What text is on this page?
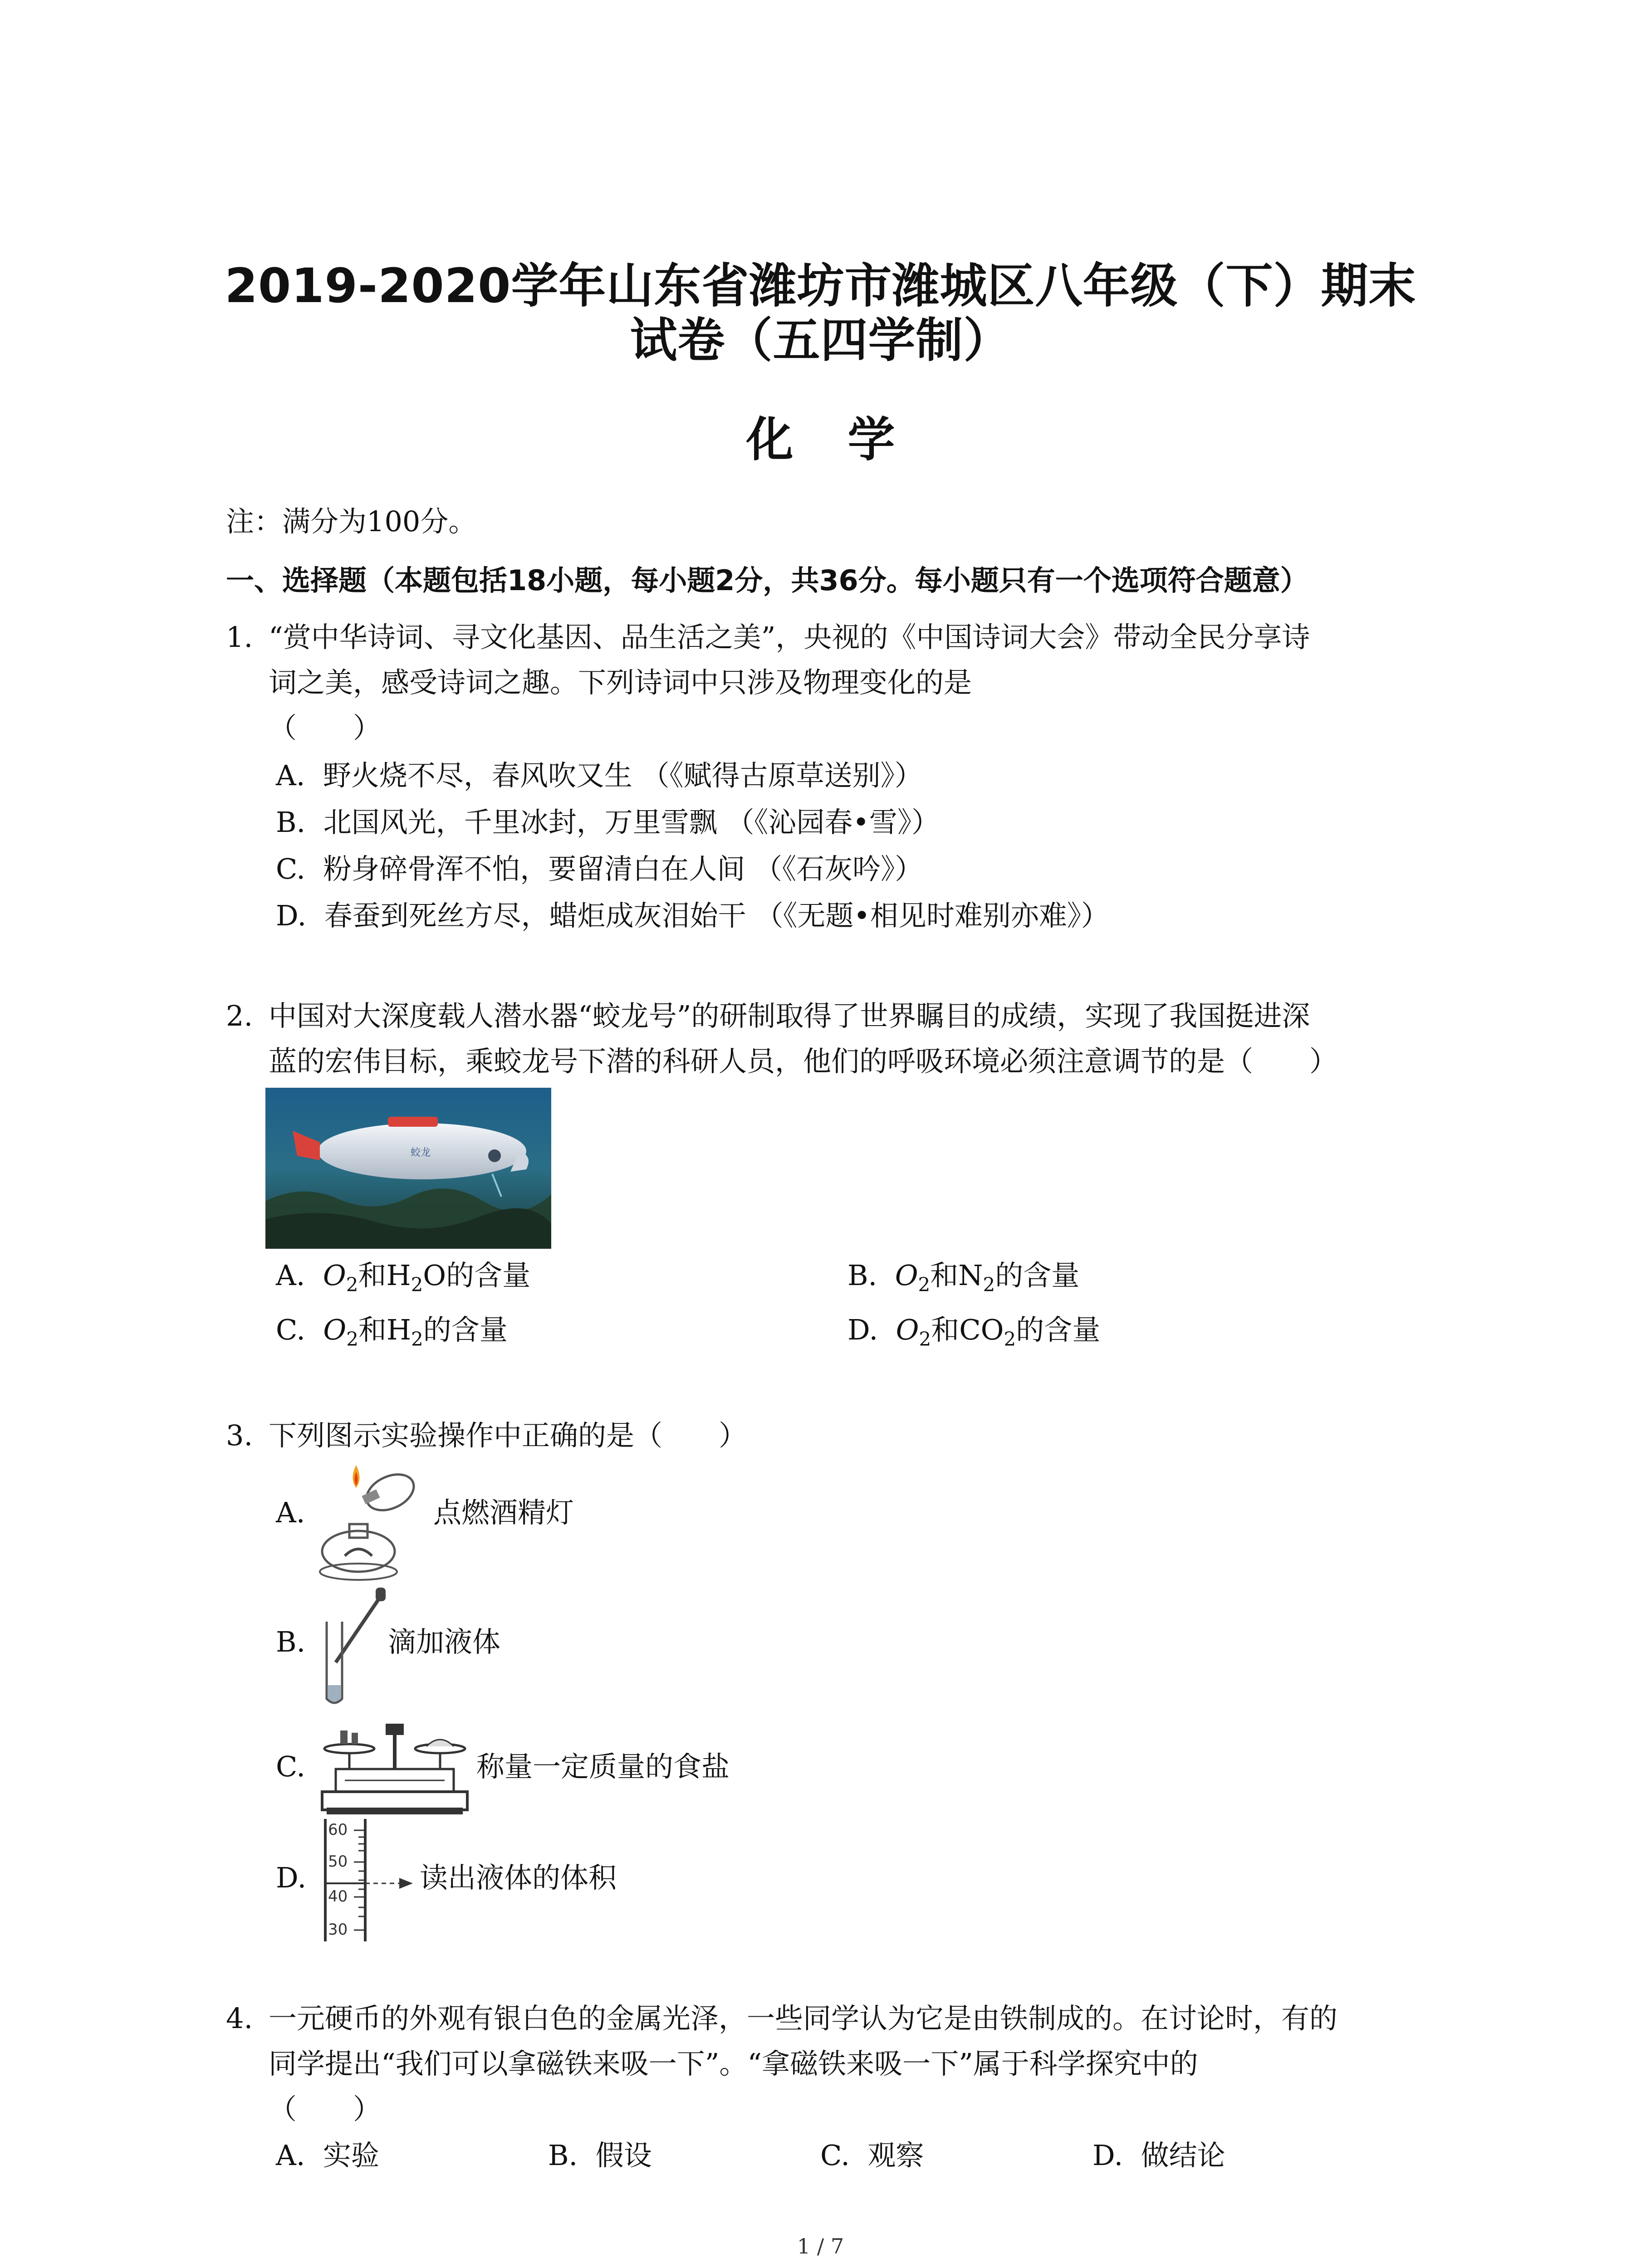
2019-2020学年山东省潍坊市潍城区八年级（下）期末
试卷（五四学制）
化学
注：满分为100分。
一、选择题（本题包括18小题，每小题2分，共36分。每小题只有一个选项符合题意）
1. “赏中华诗词、寻文化基因、品生活之美”，央视的《中国诗词大会》带动全民分享诗
词之美，感受诗词之趣。下列诗词中只涉及物理变化的是
（　　）
A. 野火烧不尽，春风吹又生 （《赋得古原草送别》）
B. 北国风光，千里冰封，万里雪飘 （《沁园春•雪》）
C. 粉身碎骨浑不怕，要留清白在人间 （《石灰吟》）
D. 春蚕到死丝方尽，蜡炬成灰泪始干 （《无题•相见时难别亦难》）
2. 中国对大深度载人潜水器“蛟龙号”的研制取得了世界瞩目的成绩，实现了我国挺进深
蓝的宏伟目标，乘蛟龙号下潜的科研人员，他们的呼吸环境必须注意调节的是（　　）
蛟龙
A. $O_2$和$H_2O$的含量	B. $O_2$和$N_2$的含量
C. $O_2$和$H_2$的含量	D. $O_2$和$CO_2$的含量
3. 下列图示实验操作中正确的是（　　）
A.	点燃酒精灯
B.	滴加液体
C.	称量一定质量的食盐
D.
60
50
40
30
读出液体的体积
4. 一元硬币的外观有银白色的金属光泽，一些同学认为它是由铁制成的。在讨论时，有的
同学提出“我们可以拿磁铁来吸一下”。“拿磁铁来吸一下”属于科学探究中的
（　　）
A. 实验	B. 假设	C. 观察	D. 做结论
1 / 7
